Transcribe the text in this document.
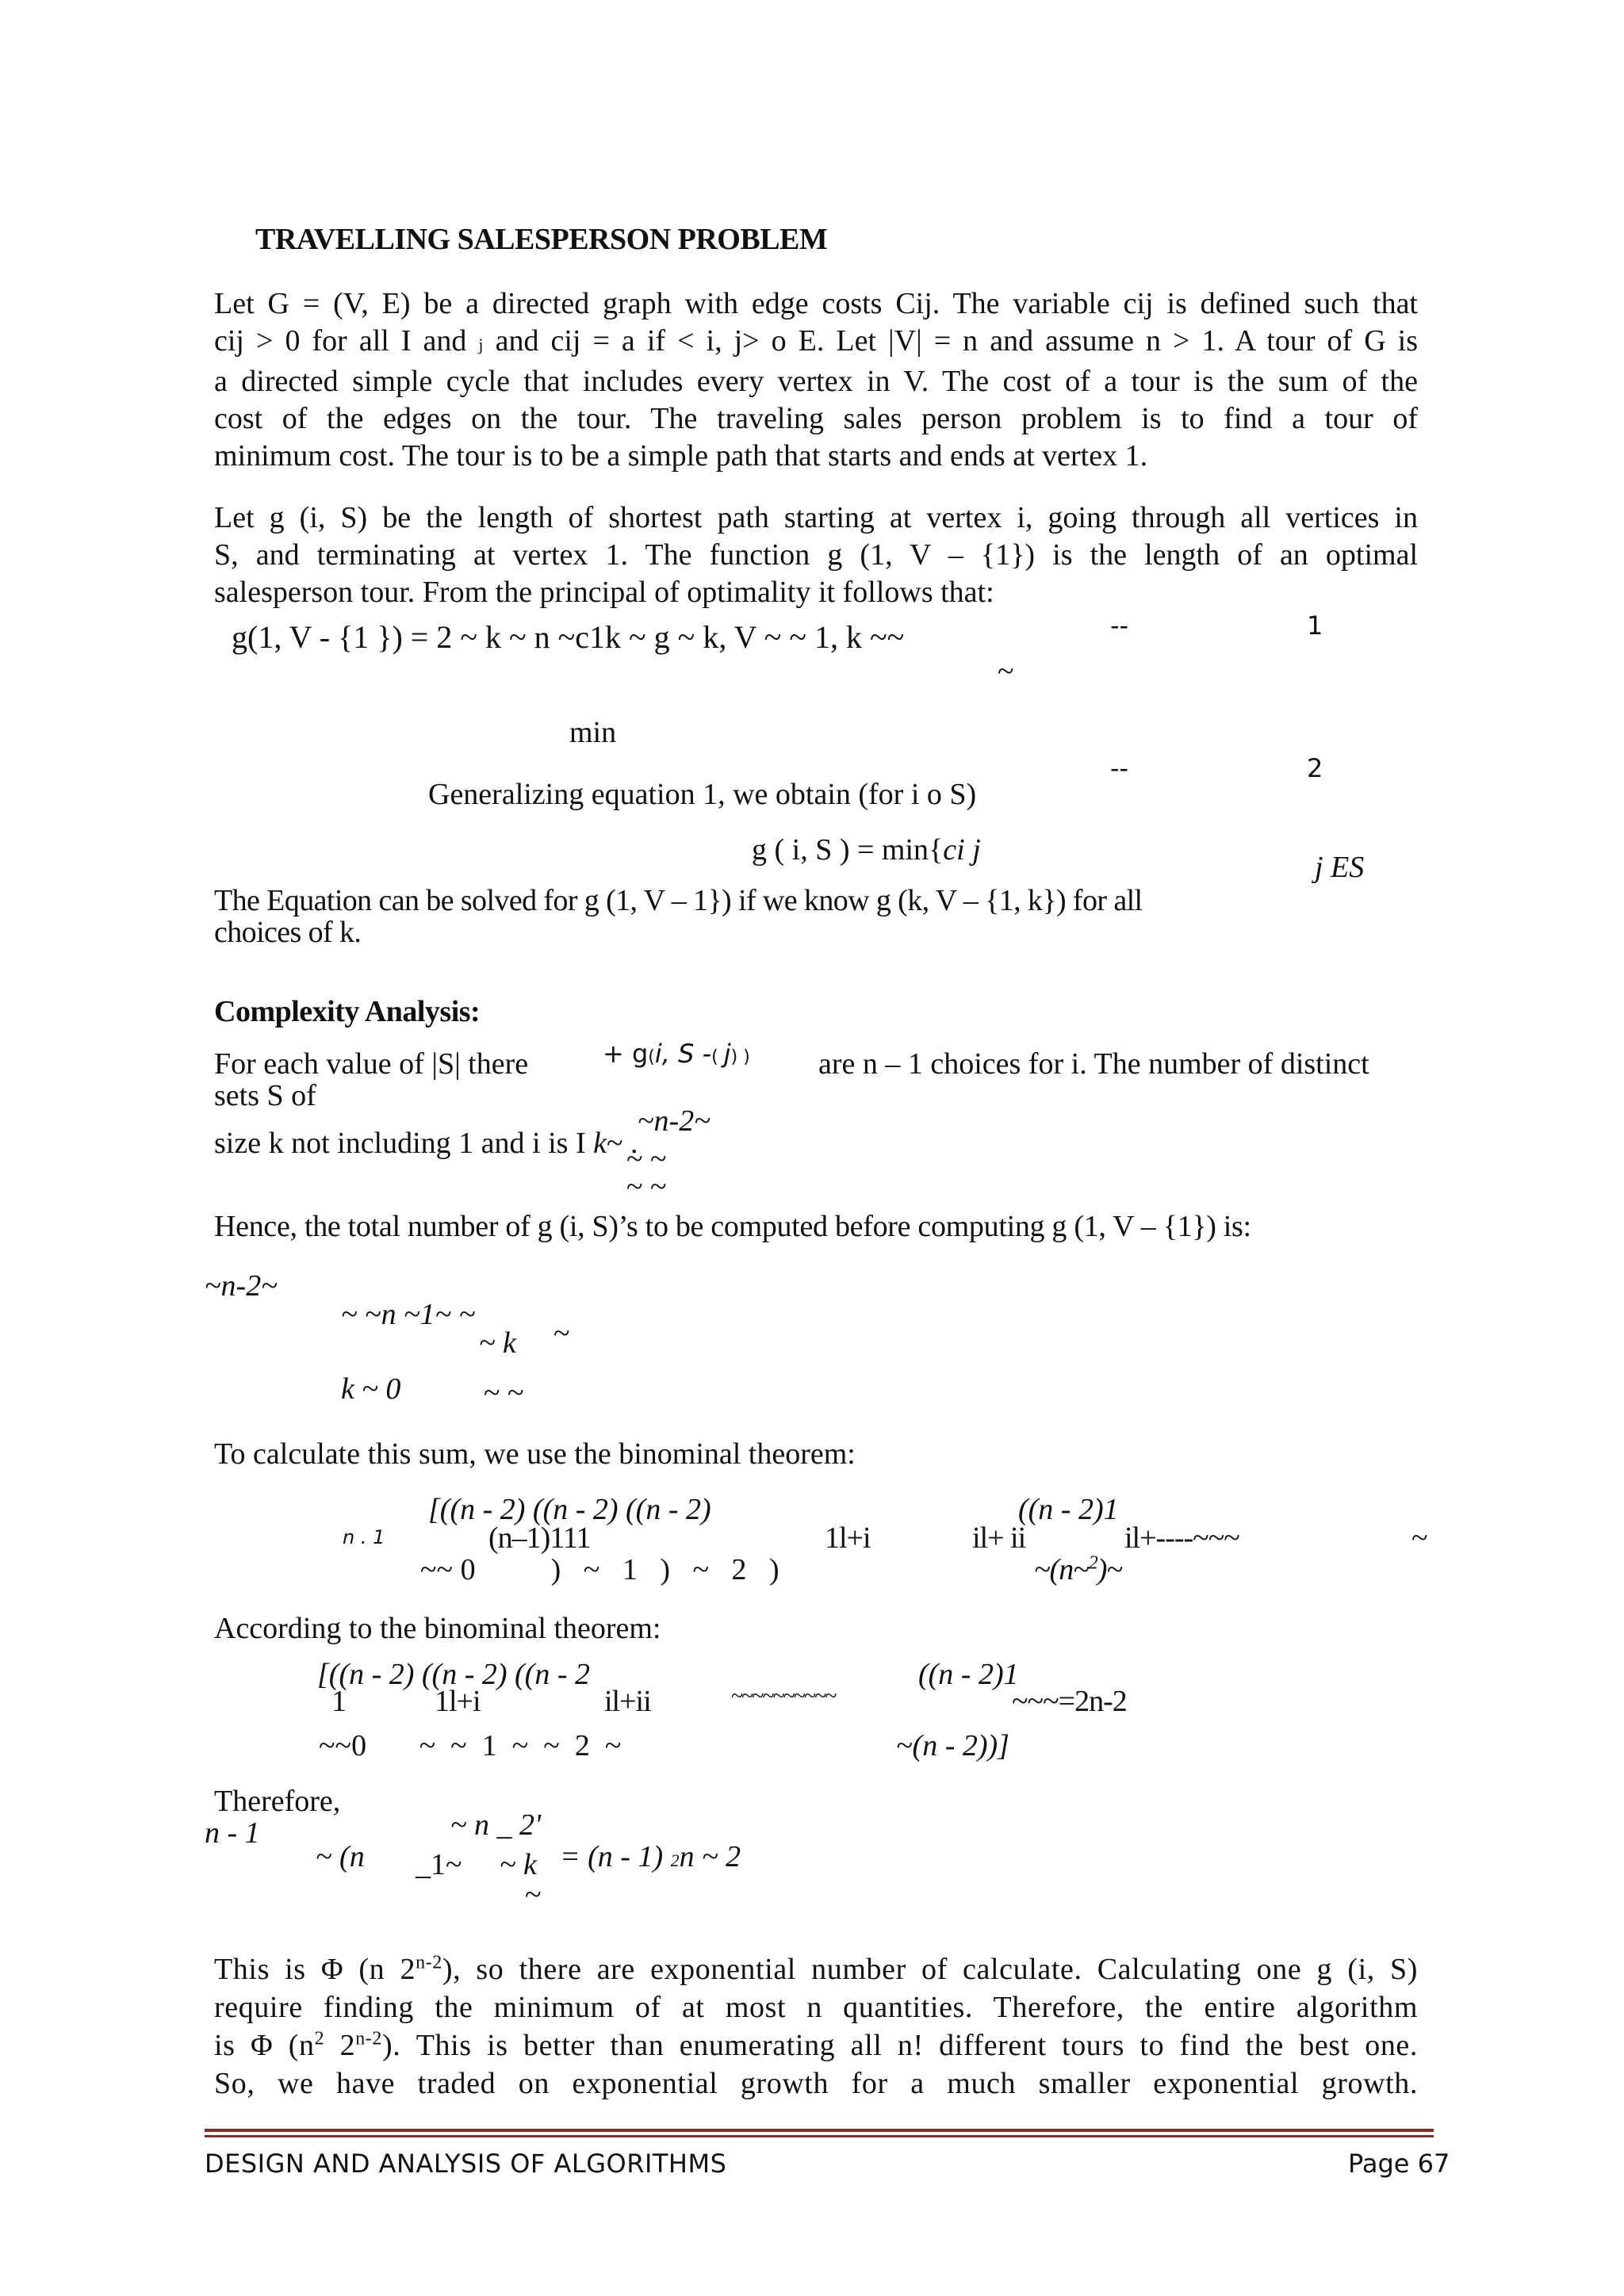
TRAVELLING SALESPERSON PROBLEM
Let G = (V, E) be a directed graph with edge costs Cij. The variable cij is defined such that
cij > 0 for all I and j and cij = a if < i, j> o E. Let |V| = n and assume n > 1. A tour of G is
a directed simple cycle that includes every vertex in V. The cost of a tour is the sum of the
cost of the edges on the tour. The traveling sales person problem is to find a tour of
minimum cost. The tour is to be a simple path that starts and ends at vertex 1.
Let g (i, S) be the length of shortest path starting at vertex i, going through all vertices in
S, and terminating at vertex 1. The function g (1, V – {1}) is the length of an optimal
salesperson tour. From the principal of optimality it follows that:
g(1, V - {1 }) = 2 ~ k ~ n ~c1k ~ g ~ k, V ~ ~ 1, k ~~
~
--	1
min
--	2
Generalizing equation 1, we obtain (for i o S)
g ( i, S ) = min{ci j
j ES
The Equation can be solved for g (1, V – 1}) if we know g (k, V – {1, k}) for all
choices of k.
Complexity Analysis:
For each value of |S| there	+ g(i, S -( j) ) are n – 1 choices for i. The number of distinct
sets S of
~n-2~
size k not including 1 and i is I k~ .
~ ~
~ ~
Hence, the total number of g (i, S)’s to be computed before computing g (1, V – {1}) is:
~n-2~
~ ~n ~1~ ~
~ k ~
k ~ 0	~ ~
To calculate this sum, we use the binominal theorem:
[((n - 2) ((n - 2) ((n - 2)	((n - 2)1
n . 1	(n–1)111	1l+i	il+ ii	il+----~~~	~
~~ 0          )   ~   1   )   ~   2   )	~(n~$^2$)~
According to the binominal theorem:
[((n - 2) ((n - 2) ((n - 2	((n - 2)1
1	1l+i	il+ii	~~~~~~~~~~	~~~=2n-2
~~0       ~  ~  1  ~  ~  2  ~	~(n - 2))]
Therefore,
n - 1	~ n _ 2'
~ (n _1~ ~ k = (n - 1) 2n ~ 2
~
This is Φ (n 2$^{n-2}$), so there are exponential number of calculate. Calculating one g (i, S)
require finding the minimum of at most n quantities. Therefore, the entire algorithm
is Φ ($n^2$ 2$^{n-2}$). This is better than enumerating all n! different tours to find the best one.
So, we have traded on exponential growth for a much smaller exponential growth.
DESIGN AND ANALYSIS OF ALGORITHMS	Page 67
